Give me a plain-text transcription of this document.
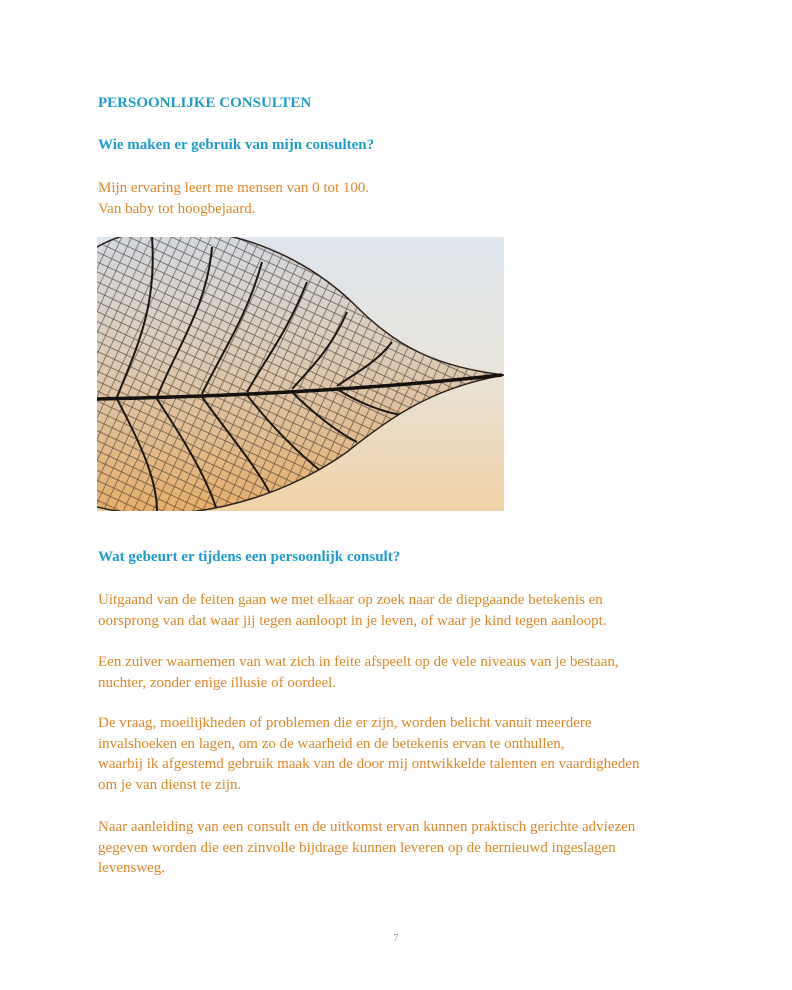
PERSOONLIJKE CONSULTEN
Wie maken er gebruik van mijn consulten?

Mijn ervaring leert me mensen van 0 tot 100.
Van baby tot hoogbejaard.

Wat gebeurt er tijdens een persoonlijk consult?

Uitgaand van de feiten gaan we met elkaar op zoek naar de diepgaande betekenis en
oorsprong van dat waar jij tegen aanloopt in je leven, of waar je kind tegen aanloopt.

Een zuiver waarnemen van wat zich in feite afspeelt op de vele niveaus van je bestaan,
nuchter, zonder enige illusie of oordeel.

De vraag, moeilijkheden of problemen die er zijn, worden belicht vanuit meerdere
invalshoeken en lagen, om zo de waarheid en de betekenis ervan te onthullen,
waarbij ik afgestemd gebruik maak van de door mij ontwikkelde talenten en vaardigheden
om je van dienst te zijn.

Naar aanleiding van een consult en de uitkomst ervan kunnen praktisch gerichte adviezen
gegeven worden die een zinvolle bijdrage kunnen leveren op de hernieuwd ingeslagen
levensweg.

7
